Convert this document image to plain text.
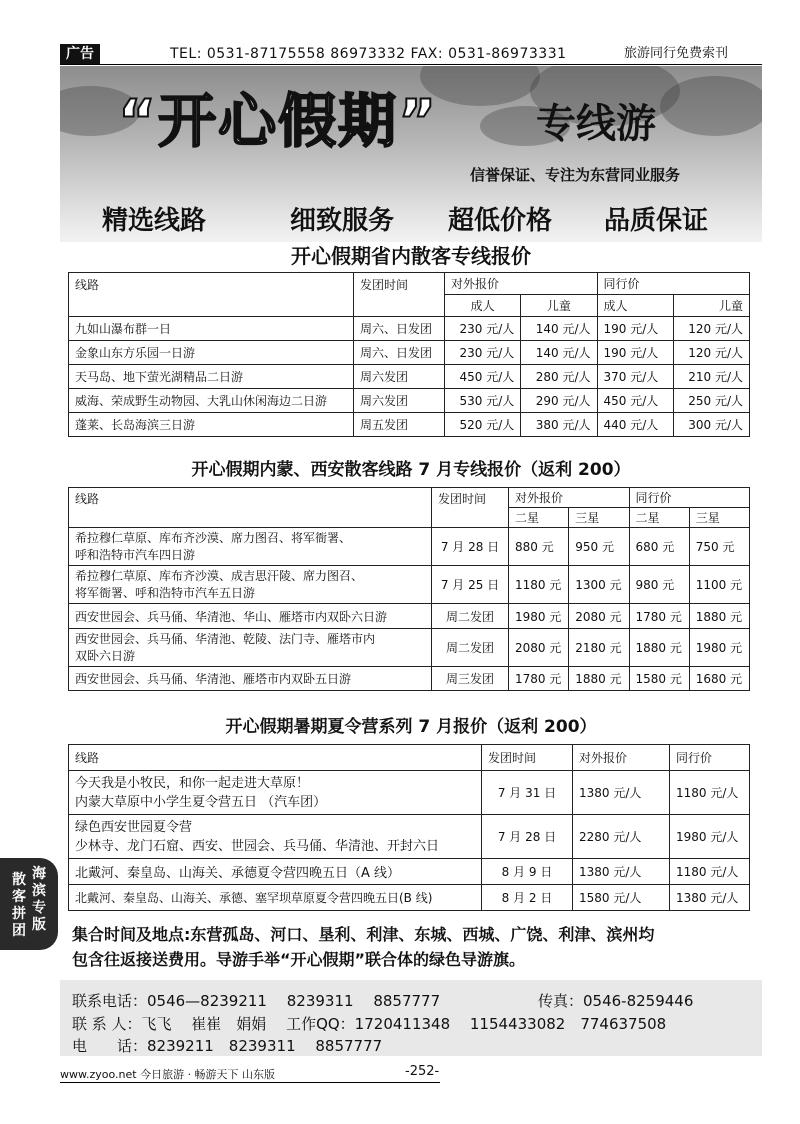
广告	TEL: 0531-87175558 86973332 FAX: 0531-86973331	旅游同行免费索刊
“开心假期” 专线游
信誉保证、专注为东营同业服务
精选线路	细致服务 超低价格 品质保证
开心假期省内散客专线报价
线路	发团时间	对外报价		同行价	
		成人	儿童	成人	儿童
九如山瀑布群一日	周六、日发团	230 元/人	140 元/人	190 元/人	120 元/人
金象山东方乐园一日游	周六、日发团	230 元/人	140 元/人	190 元/人	120 元/人
天马岛、地下萤光湖精品二日游	周六发团	450 元/人	280 元/人	370 元/人	210 元/人
威海、荣成野生动物园、大乳山休闲海边二日游	周六发团	530 元/人	290 元/人	450 元/人	250 元/人
蓬莱、长岛海滨三日游	周五发团	520 元/人	380 元/人	440 元/人	300 元/人
开心假期内蒙、西安散客线路 7 月专线报价（返利 200）
线路	发团时间	对外报价		同行价	
		二星	三星	二星	三星
希拉穆仁草原、库布齐沙漠、席力图召、将军衙署、
呼和浩特市汽车四日游	7 月 28 日	880 元	950 元	680 元	750 元
希拉穆仁草原、库布齐沙漠、成吉思汗陵、席力图召、
将军衙署、呼和浩特市汽车五日游	7 月 25 日	1180 元	1300 元	980 元	1100 元
西安世园会、兵马俑、华清池、华山、雁塔市内双卧六日游	周二发团	1980 元	2080 元	1780 元	1880 元
西安世园会、兵马俑、华清池、乾陵、法门寺、雁塔市内
双卧六日游	周二发团	2080 元	2180 元	1880 元	1980 元
西安世园会、兵马俑、华清池、雁塔市内双卧五日游	周三发团	1780 元	1880 元	1580 元	1680 元
开心假期暑期夏令营系列 7 月报价（返利 200）
线路	发团时间	对外报价	同行价
今天我是小牧民，和你一起走进大草原！
内蒙大草原中小学生夏令营五日 （汽车团）	7 月 31 日	1380 元/人	1180 元/人
绿色西安世园夏令营
少林寺、龙门石窟、西安、世园会、兵马俑、华清池、开封六日	7 月 28 日	2280 元/人	1980 元/人
北戴河、秦皇岛、山海关、承德夏令营四晚五日（A 线）	8 月 9 日	1380 元/人	1180 元/人
北戴河、秦皇岛、山海关、承德、塞罕坝草原夏令营四晚五日(B 线)	8 月 2 日	1580 元/人	1380 元/人
散客拼团
海滨专版 集合时间及地点:东营孤岛、河口、垦利、利津、东城、西城、广饶、利津、滨州均
包含往返接送费用。导游手举“开心假期”联合体的绿色导游旗。
联系电话：0546—8239211　 8239311　 8857777	传真：0546-8259446
联 系 人：飞飞　 崔崔　娟娟　 工作QQ：1720411348　 1154433082　774637508
电　　话：8239211　8239311　 8857777
www.zyoo.net 今日旅游 · 畅游天下 山东版	-252-
